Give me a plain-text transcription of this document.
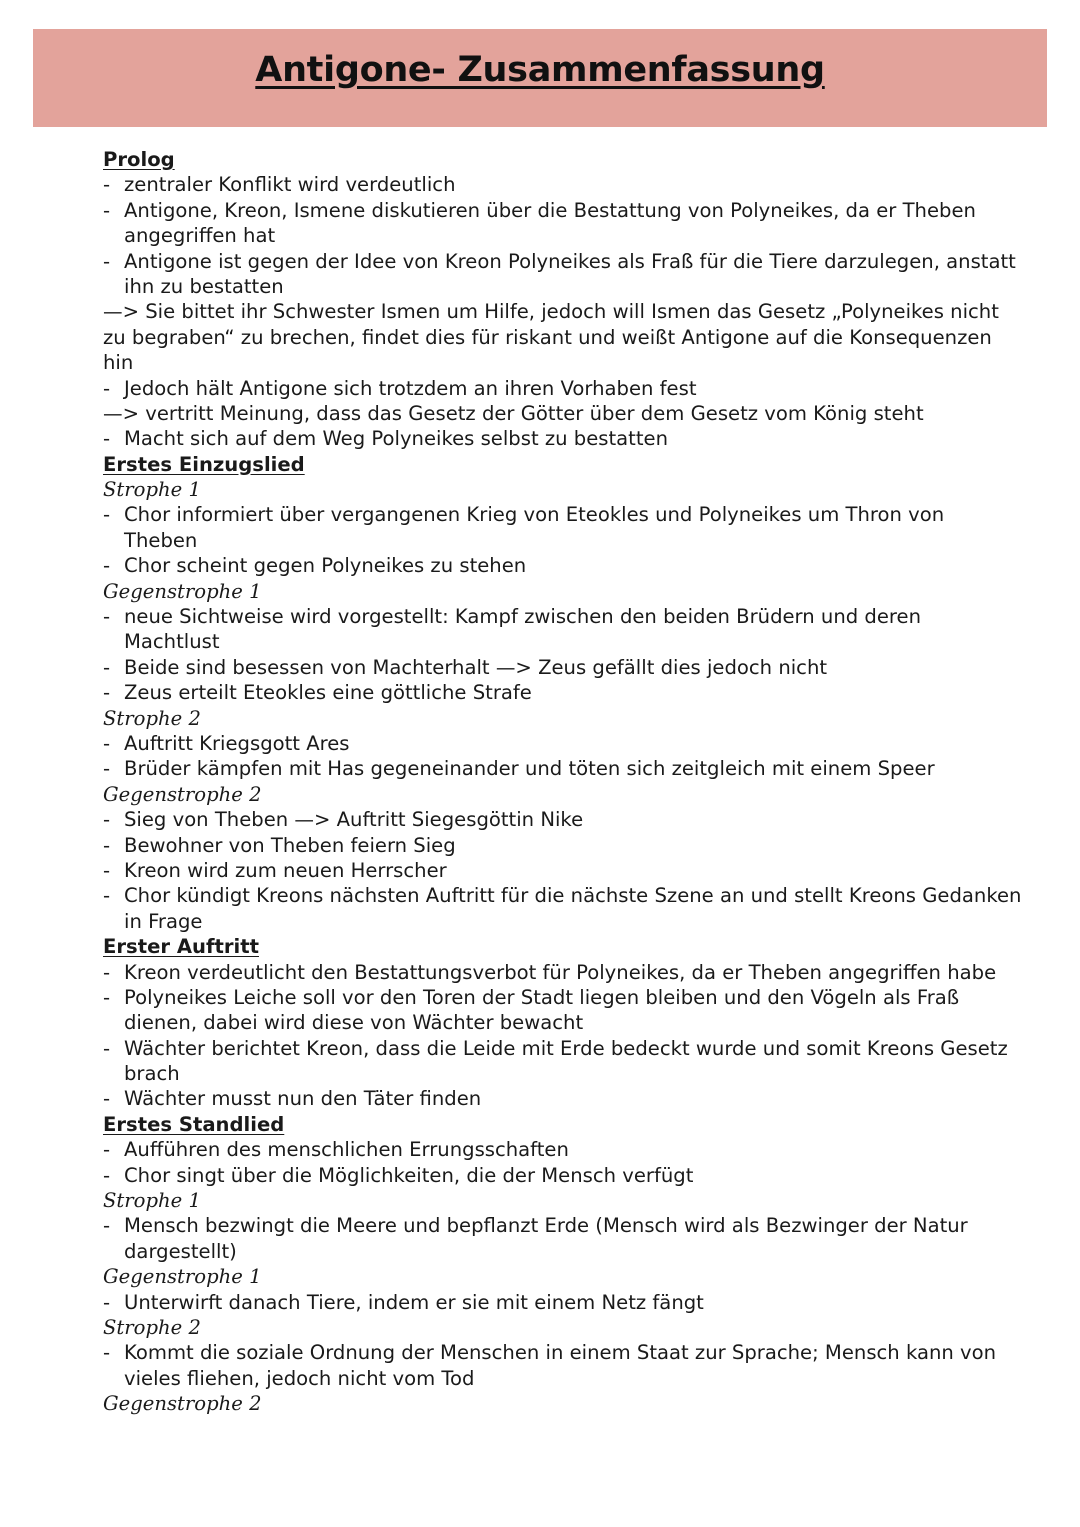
Antigone- Zusammenfassung
Prolog
- zentraler Konflikt wird verdeutlich
- Antigone, Kreon, Ismene diskutieren über die Bestattung von Polyneikes, da er Theben
angegriffen hat
- Antigone ist gegen der Idee von Kreon Polyneikes als Fraß für die Tiere darzulegen, anstatt
ihn zu bestatten
—> Sie bittet ihr Schwester Ismen um Hilfe, jedoch will Ismen das Gesetz „Polyneikes nicht
zu begraben“ zu brechen, findet dies für riskant und weißt Antigone auf die Konsequenzen
hin
- Jedoch hält Antigone sich trotzdem an ihren Vorhaben fest
—> vertritt Meinung, dass das Gesetz der Götter über dem Gesetz vom König steht
- Macht sich auf dem Weg Polyneikes selbst zu bestatten
Erstes Einzugslied
Strophe 1
- Chor informiert über vergangenen Krieg von Eteokles und Polyneikes um Thron von
Theben
- Chor scheint gegen Polyneikes zu stehen
Gegenstrophe 1
- neue Sichtweise wird vorgestellt: Kampf zwischen den beiden Brüdern und deren
Machtlust
- Beide sind besessen von Machterhalt —> Zeus gefällt dies jedoch nicht
- Zeus erteilt Eteokles eine göttliche Strafe
Strophe 2
- Auftritt Kriegsgott Ares
- Brüder kämpfen mit Has gegeneinander und töten sich zeitgleich mit einem Speer
Gegenstrophe 2
- Sieg von Theben —> Auftritt Siegesgöttin Nike
- Bewohner von Theben feiern Sieg
- Kreon wird zum neuen Herrscher
- Chor kündigt Kreons nächsten Auftritt für die nächste Szene an und stellt Kreons Gedanken
in Frage
Erster Auftritt
- Kreon verdeutlicht den Bestattungsverbot für Polyneikes, da er Theben angegriffen habe
- Polyneikes Leiche soll vor den Toren der Stadt liegen bleiben und den Vögeln als Fraß
dienen, dabei wird diese von Wächter bewacht
- Wächter berichtet Kreon, dass die Leide mit Erde bedeckt wurde und somit Kreons Gesetz
brach
- Wächter musst nun den Täter finden
Erstes Standlied
- Aufführen des menschlichen Errungsschaften
- Chor singt über die Möglichkeiten, die der Mensch verfügt
Strophe 1
- Mensch bezwingt die Meere und bepflanzt Erde (Mensch wird als Bezwinger der Natur
dargestellt)
Gegenstrophe 1
- Unterwirft danach Tiere, indem er sie mit einem Netz fängt
Strophe 2
- Kommt die soziale Ordnung der Menschen in einem Staat zur Sprache; Mensch kann von
vieles fliehen, jedoch nicht vom Tod
Gegenstrophe 2
